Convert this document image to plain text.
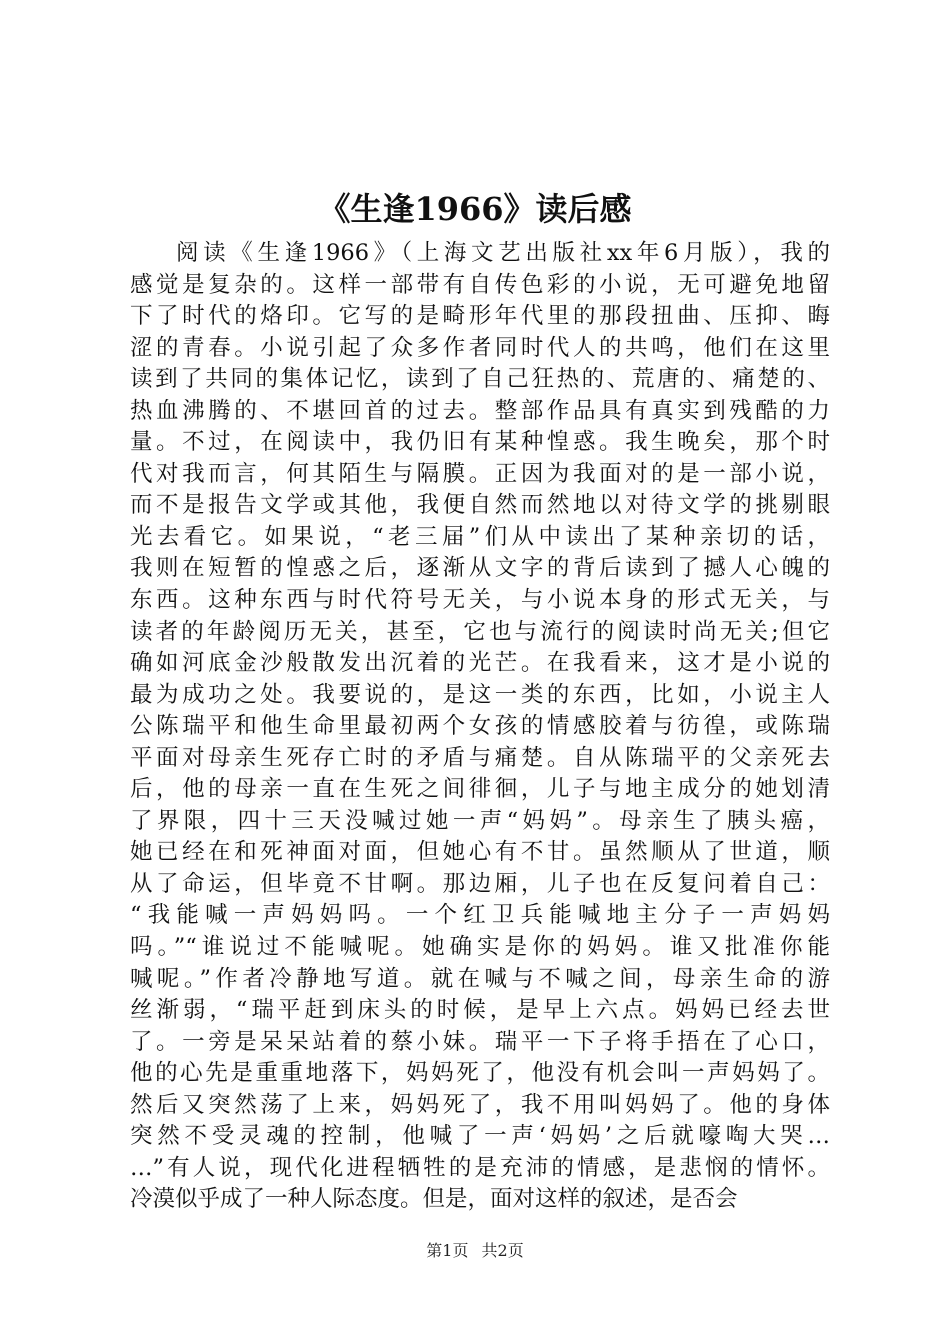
《生逢1966》读后感
阅读《生逢1966》（上海文艺出版社xx年6月版），我的
感觉是复杂的。这样一部带有自传色彩的小说，无可避免地留
下了时代的烙印。它写的是畸形年代里的那段扭曲、压抑、晦
涩的青春。小说引起了众多作者同时代人的共鸣，他们在这里
读到了共同的集体记忆，读到了自己狂热的、荒唐的、痛楚的、
热血沸腾的、不堪回首的过去。整部作品具有真实到残酷的力
量。不过，在阅读中，我仍旧有某种惶惑。我生晚矣，那个时
代对我而言，何其陌生与隔膜。正因为我面对的是一部小说，
而不是报告文学或其他，我便自然而然地以对待文学的挑剔眼
光去看它。如果说，“老三届”们从中读出了某种亲切的话，
我则在短暂的惶惑之后，逐渐从文字的背后读到了撼人心魄的
东西。这种东西与时代符号无关，与小说本身的形式无关，与
读者的年龄阅历无关，甚至，它也与流行的阅读时尚无关;但它
确如河底金沙般散发出沉着的光芒。在我看来，这才是小说的
最为成功之处。我要说的，是这一类的东西，比如，小说主人
公陈瑞平和他生命里最初两个女孩的情感胶着与彷徨，或陈瑞
平面对母亲生死存亡时的矛盾与痛楚。自从陈瑞平的父亲死去
后，他的母亲一直在生死之间徘徊，儿子与地主成分的她划清
了界限，四十三天没喊过她一声“妈妈”。母亲生了胰头癌，
她已经在和死神面对面，但她心有不甘。虽然顺从了世道，顺
从了命运，但毕竟不甘啊。那边厢，儿子也在反复问着自己：
“我能喊一声妈妈吗。一个红卫兵能喊地主分子一声妈妈
吗。”“谁说过不能喊呢。她确实是你的妈妈。谁又批准你能
喊呢。”作者冷静地写道。就在喊与不喊之间，母亲生命的游
丝渐弱，“瑞平赶到床头的时候，是早上六点。妈妈已经去世
了。一旁是呆呆站着的蔡小妹。瑞平一下子将手捂在了心口，
他的心先是重重地落下，妈妈死了，他没有机会叫一声妈妈了。
然后又突然荡了上来，妈妈死了，我不用叫妈妈了。他的身体
突然不受灵魂的控制，他喊了一声‘妈妈’之后就嚎啕大哭…
…”有人说，现代化进程牺牲的是充沛的情感，是悲悯的情怀。
冷漠似乎成了一种人际态度。但是，面对这样的叙述，是否会
第1页 共2页
